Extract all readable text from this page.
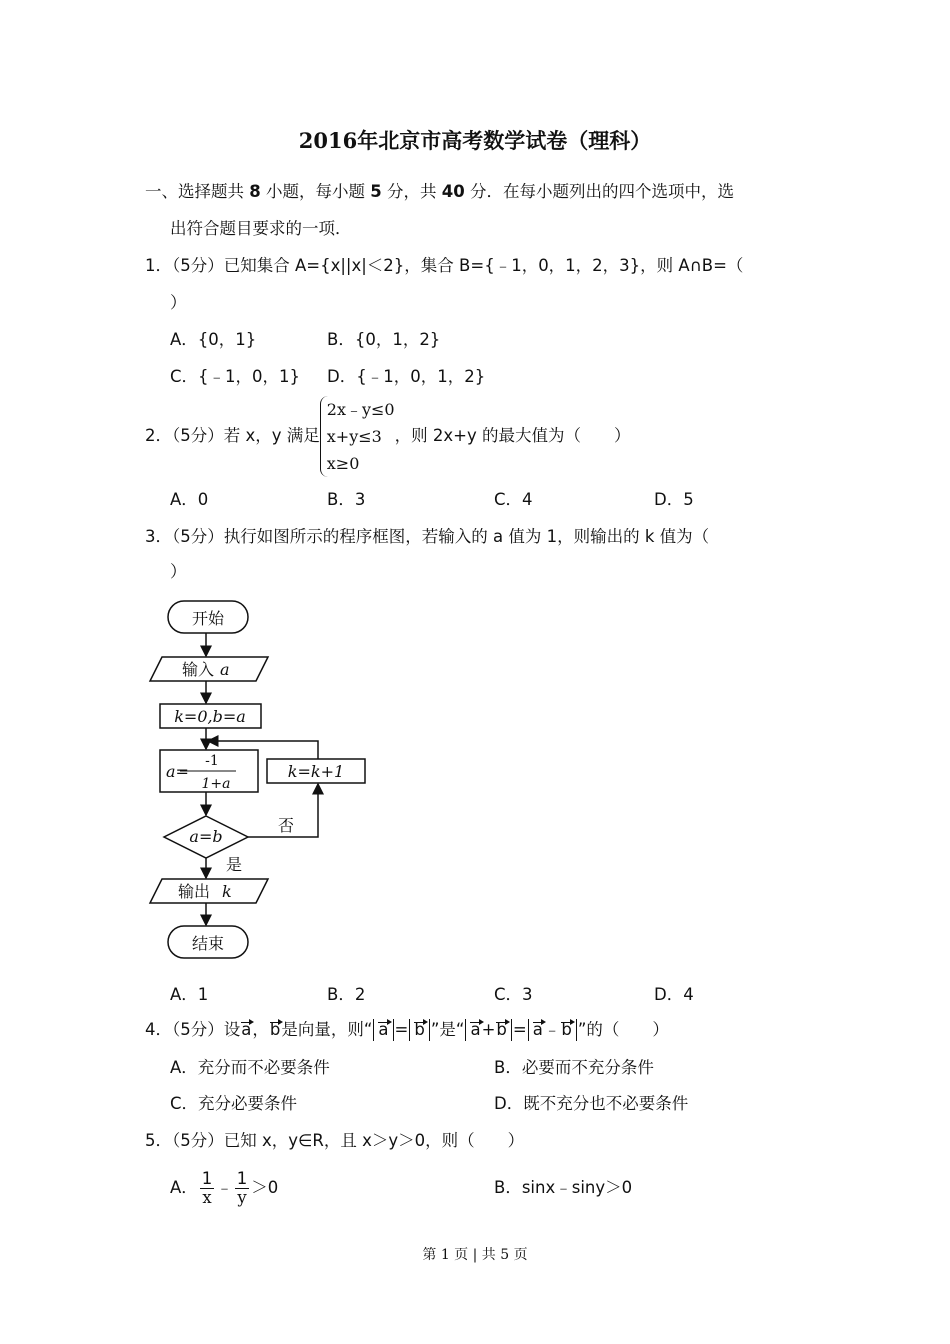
2016年北京市高考数学试卷（理科）
一、选择题共 8 小题，每小题 5 分，共 40 分．在每小题列出的四个选项中，选
出符合题目要求的一项．
1．（5分）已知集合 A={x||x|＜2}，集合 B={﹣1，0，1，2，3}，则 A∩B=（
）
A．{0，1}	B．{0，1，2}
C．{﹣1，0，1} D．{﹣1，0，1，2}
2．（5分）若 x，y 满足
2x﹣y≤0
x+y≤3
x≥0
，则 2x+y 的最大值为（　　）
A．0	B．3	C．4	D．5
3．（5分）执行如图所示的程序框图，若输入的 a 值为 1，则输出的 k 值为（
）
开始
输入 a
k=0,b=a
a=
-1
1+a
k=k+1
a=b
否
是
输出 k
结束
A．1	B．2	C．3	D．4
4．（5分）设a，b是向量，则“ a = b ”是“ a+b = a﹣b ”的（　　）
A．充分而不必要条件	B．必要而不充分条件
C．充分必要条件	D．既不充分也不必要条件
5．（5分）已知 x，y∈R，且 x＞y＞0，则（　　）
A． $\frac{1}{x}$ ﹣ $\frac{1}{y} >0$	B．sinx﹣siny＞0
第 1 页 | 共 5 页
